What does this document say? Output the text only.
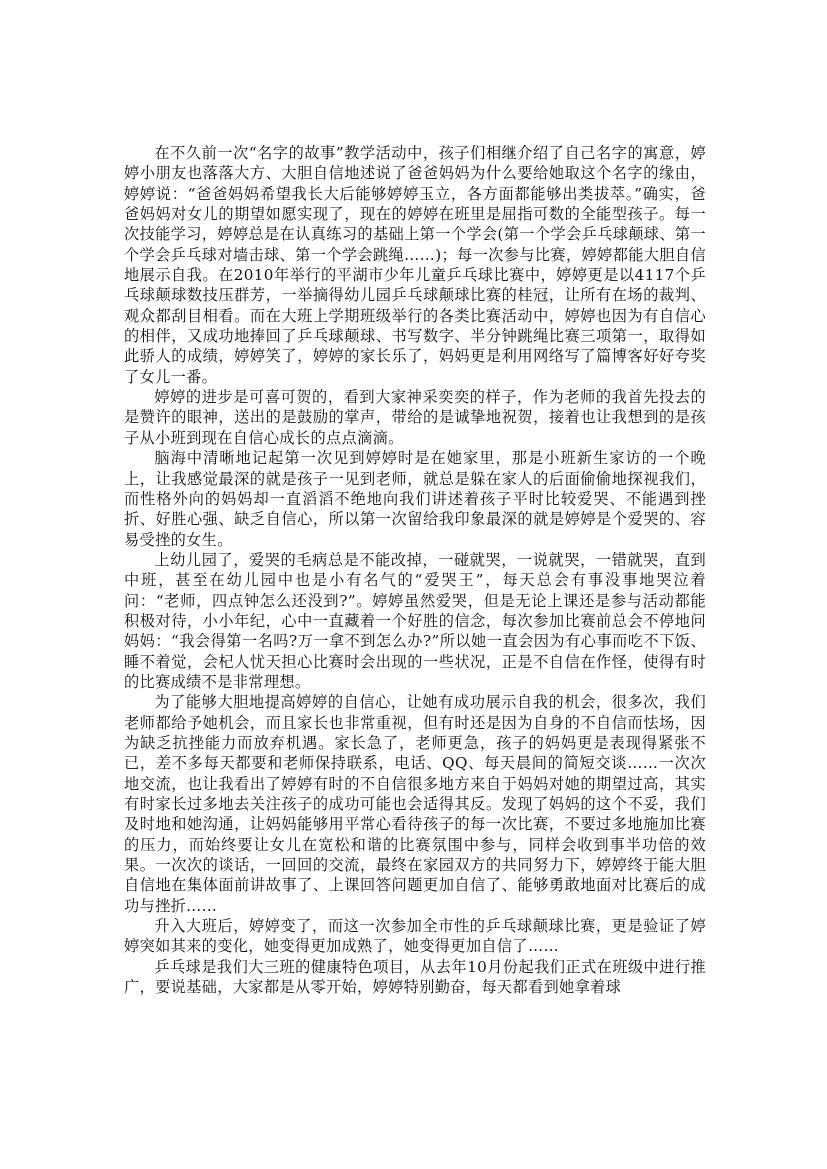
在不久前一次“名字的故事”教学活动中，孩子们相继介绍了自己名字的寓意，婷婷小朋友也落落大方、大胆自信地述说了爸爸妈妈为什么要给她取这个名字的缘由，婷婷说：“爸爸妈妈希望我长大后能够婷婷玉立，各方面都能够出类拔萃。”确实，爸爸妈妈对女儿的期望如愿实现了，现在的婷婷在班里是屈指可数的全能型孩子。每一次技能学习，婷婷总是在认真练习的基础上第一个学会(第一个学会乒乓球颠球、第一个学会乒乓球对墙击球、第一个学会跳绳……)；每一次参与比赛，婷婷都能大胆自信地展示自我。在2010年举行的平湖市少年儿童乒乓球比赛中，婷婷更是以4117个乒乓球颠球数技压群芳，一举摘得幼儿园乒乓球颠球比赛的桂冠，让所有在场的裁判、观众都刮目相看。而在大班上学期班级举行的各类比赛活动中，婷婷也因为有自信心的相伴，又成功地捧回了乒乓球颠球、书写数字、半分钟跳绳比赛三项第一，取得如此骄人的成绩，婷婷笑了，婷婷的家长乐了，妈妈更是利用网络写了篇博客好好夸奖了女儿一番。

婷婷的进步是可喜可贺的，看到大家神采奕奕的样子，作为老师的我首先投去的是赞许的眼神，送出的是鼓励的掌声，带给的是诚挚地祝贺，接着也让我想到的是孩子从小班到现在自信心成长的点点滴滴。

脑海中清晰地记起第一次见到婷婷时是在她家里，那是小班新生家访的一个晚上，让我感觉最深的就是孩子一见到老师，就总是躲在家人的后面偷偷地探视我们，而性格外向的妈妈却一直滔滔不绝地向我们讲述着孩子平时比较爱哭、不能遇到挫折、好胜心强、缺乏自信心，所以第一次留给我印象最深的就是婷婷是个爱哭的、容易受挫的女生。

上幼儿园了，爱哭的毛病总是不能改掉，一碰就哭，一说就哭，一错就哭，直到中班，甚至在幼儿园中也是小有名气的“爱哭王”，每天总会有事没事地哭泣着问：“老师，四点钟怎么还没到?”。婷婷虽然爱哭，但是无论上课还是参与活动都能积极对待，小小年纪，心中一直藏着一个好胜的信念，每次参加比赛前总会不停地问妈妈：“我会得第一名吗?万一拿不到怎么办?”所以她一直会因为有心事而吃不下饭、睡不着觉，会杞人忧天担心比赛时会出现的一些状况，正是不自信在作怪，使得有时的比赛成绩不是非常理想。

为了能够大胆地提高婷婷的自信心，让她有成功展示自我的机会，很多次，我们老师都给予她机会，而且家长也非常重视，但有时还是因为自身的不自信而怯场，因为缺乏抗挫能力而放弃机遇。家长急了，老师更急，孩子的妈妈更是表现得紧张不已，差不多每天都要和老师保持联系，电话、QQ、每天晨间的简短交谈……一次次地交流，也让我看出了婷婷有时的不自信很多地方来自于妈妈对她的期望过高，其实有时家长过多地去关注孩子的成功可能也会适得其反。发现了妈妈的这个不妥，我们及时地和她沟通，让妈妈能够用平常心看待孩子的每一次比赛，不要过多地施加比赛的压力，而始终要让女儿在宽松和谐的比赛氛围中参与，同样会收到事半功倍的效果。一次次的谈话，一回回的交流，最终在家园双方的共同努力下，婷婷终于能大胆自信地在集体面前讲故事了、上课回答问题更加自信了、能够勇敢地面对比赛后的成功与挫折……

升入大班后，婷婷变了，而这一次参加全市性的乒乓球颠球比赛，更是验证了婷婷突如其来的变化，她变得更加成熟了，她变得更加自信了……

乒乓球是我们大三班的健康特色项目，从去年10月份起我们正式在班级中进行推广，要说基础，大家都是从零开始，婷婷特别勤奋，每天都看到她拿着球
